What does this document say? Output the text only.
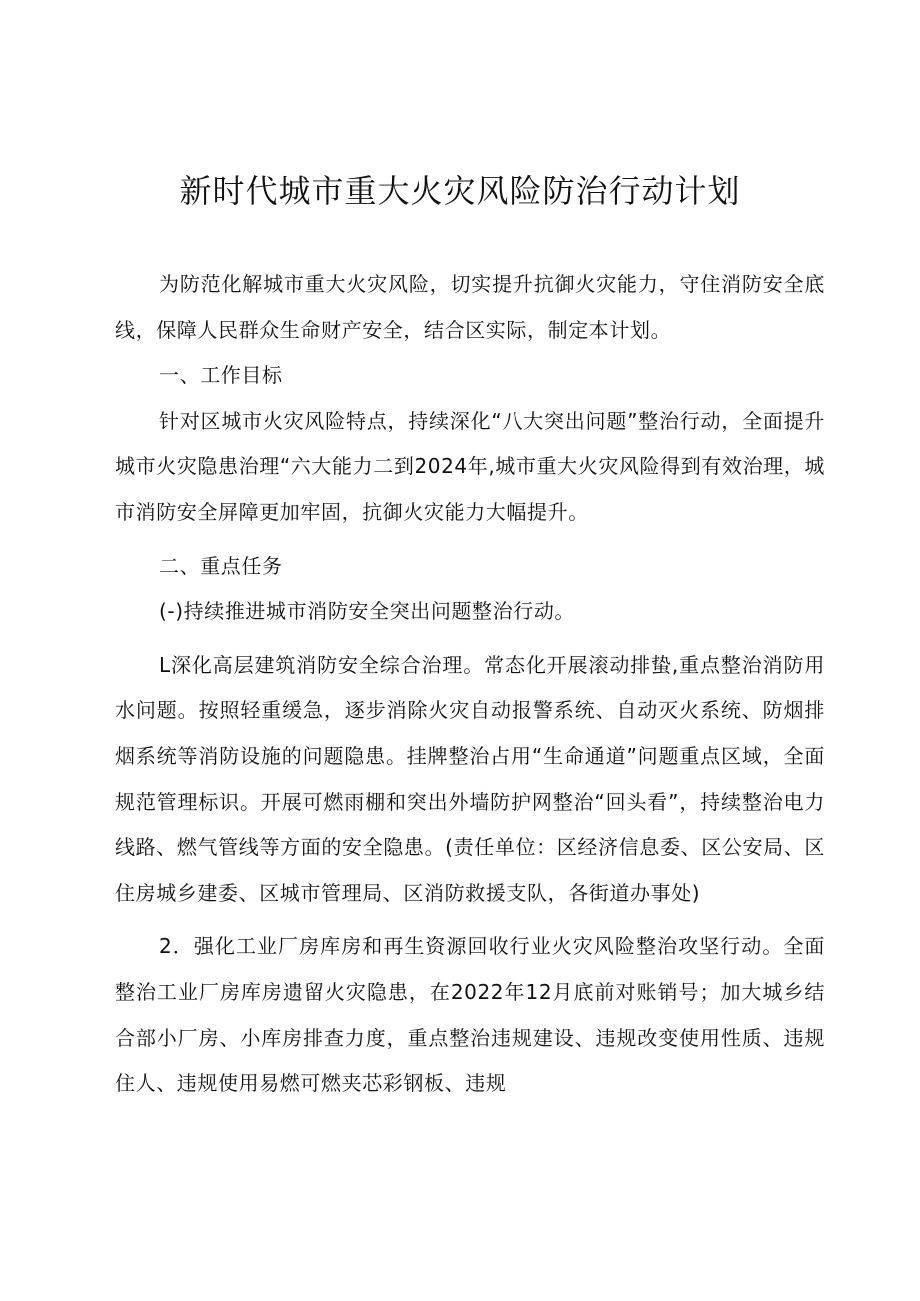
新时代城市重大火灾风险防治行动计划

为防范化解城市重大火灾风险，切实提升抗御火灾能力，守住消防安全底线，保障人民群众生命财产安全，结合区实际，制定本计划。

一、工作目标

针对区城市火灾风险特点，持续深化“八大突出问题”整治行动，全面提升城市火灾隐患治理“六大能力二到2024年,城市重大火灾风险得到有效治理，城市消防安全屏障更加牢固，抗御火灾能力大幅提升。

二、重点任务

(-)持续推进城市消防安全突出问题整治行动。

L深化高层建筑消防安全综合治理。常态化开展滚动排蛰,重点整治消防用水问题。按照轻重缓急，逐步消除火灾自动报警系统、自动灭火系统、防烟排烟系统等消防设施的问题隐患。挂牌整治占用“生命通道”问题重点区域，全面规范管理标识。开展可燃雨棚和突出外墙防护网整治“回头看”，持续整治电力线路、燃气管线等方面的安全隐患。(责任单位：区经济信息委、区公安局、区住房城乡建委、区城市管理局、区消防救援支队，各街道办事处)

2．强化工业厂房库房和再生资源回收行业火灾风险整治攻坚行动。全面整治工业厂房库房遗留火灾隐患，在2022年12月底前对账销号；加大城乡结合部小厂房、小库房排查力度，重点整治违规建设、违规改变使用性质、违规住人、违规使用易燃可燃夹芯彩钢板、违规
